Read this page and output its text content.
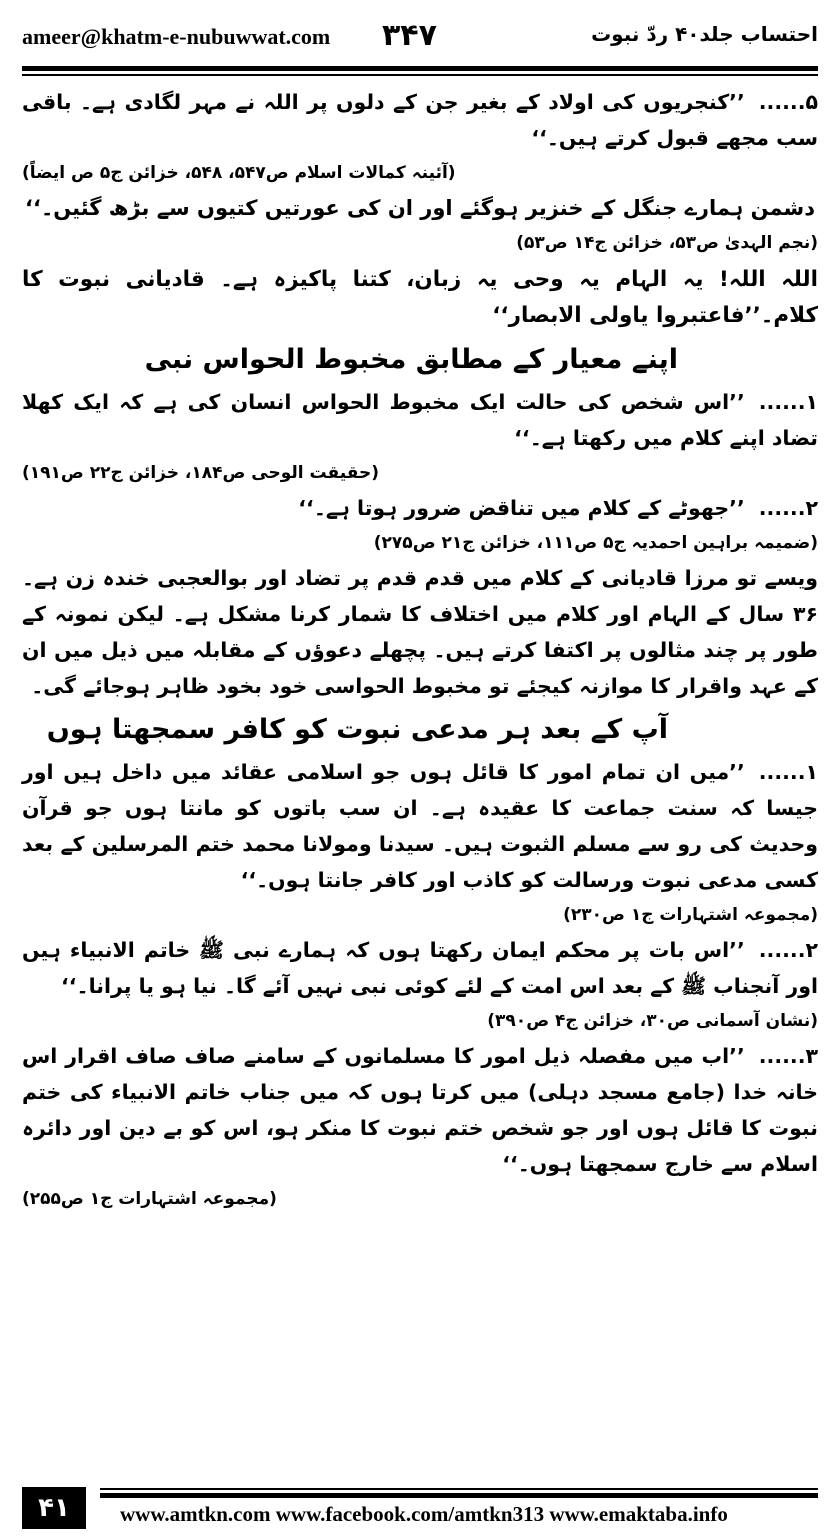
ameer@khatm-e-nubuwwat.com ۳۴۷	احتساب جلد۴۰ ردّ نبوت

۵......’’کنجریوں کی اولاد کے بغیر جن کے دلوں پر اللہ نے مہر لگادی ہے۔ باقی سب مجھے قبول کرتے ہیں۔‘‘

(آئینہ کمالات اسلام ص۵۴۷، ۵۴۸، خزائن ج۵ ص ایضاً)

دشمن ہمارے جنگل کے خنزیر ہوگئے اور ان کی عورتیں کتیوں سے بڑھ گئیں۔‘‘

(نجم الہدیٰ ص۵۳، خزائن ج۱۴ ص۵۳)

اللہ اللہ! یہ الہام یہ وحی یہ زبان، کتنا پاکیزہ ہے۔ قادیانی نبوت کا کلام۔’’فاعتبروا یاولی الابصار‘‘

اپنے معیار کے مطابق مخبوط الحواس نبی

۱......’’اس شخص کی حالت ایک مخبوط الحواس انسان کی ہے کہ ایک کھلا تضاد اپنے کلام میں رکھتا ہے۔‘‘

(حقیقت الوحی ص۱۸۴، خزائن ج۲۲ ص۱۹۱)

۲......’’جھوٹے کے کلام میں تناقض ضرور ہوتا ہے۔‘‘

(ضمیمہ براہین احمدیہ ج۵ ص۱۱۱، خزائن ج۲۱ ص۲۷۵)

ویسے تو مرزا قادیانی کے کلام میں قدم قدم پر تضاد اور بوالعجبی خندہ زن ہے۔ ۳۶ سال کے الہام اور کلام میں اختلاف کا شمار کرنا مشکل ہے۔ لیکن نمونہ کے طور پر چند مثالوں پر اکتفا کرتے ہیں۔ پچھلے دعوؤں کے مقابلہ میں ذیل میں ان کے عہد واقرار کا موازنہ کیجئے تو مخبوط الحواسی خود بخود ظاہر ہوجائے گی۔

آپ کے بعد ہر مدعی نبوت کو کافر سمجھتا ہوں

۱......’’میں ان تمام امور کا قائل ہوں جو اسلامی عقائد میں داخل ہیں اور جیسا کہ سنت جماعت کا عقیدہ ہے۔ ان سب باتوں کو مانتا ہوں جو قرآن وحدیث کی رو سے مسلم الثبوت ہیں۔ سیدنا ومولانا محمد ختم المرسلین کے بعد کسی مدعی نبوت ورسالت کو کاذب اور کافر جانتا ہوں۔‘‘

(مجموعہ اشتہارات ج۱ ص۲۳۰)

۲......’’اس بات پر محکم ایمان رکھتا ہوں کہ ہمارے نبی ﷺ خاتم الانبیاء ہیں اور آنجناب ﷺ کے بعد اس امت کے لئے کوئی نبی نہیں آئے گا۔ نیا ہو یا پرانا۔‘‘

(نشان آسمانی ص۳۰، خزائن ج۴ ص۳۹۰)

۳......’’اب میں مفصلہ ذیل امور کا مسلمانوں کے سامنے صاف صاف اقرار اس خانہ خدا (جامع مسجد دہلی) میں کرتا ہوں کہ میں جناب خاتم الانبیاء کی ختم نبوت کا قائل ہوں اور جو شخص ختم نبوت کا منکر ہو، اس کو بے دین اور دائرہ اسلام سے خارج سمجھتا ہوں۔‘‘

(مجموعہ اشتہارات ج۱ ص۲۵۵)
۴۱	www.amtkn.com www.facebook.com/amtkn313 www.emaktaba.info
